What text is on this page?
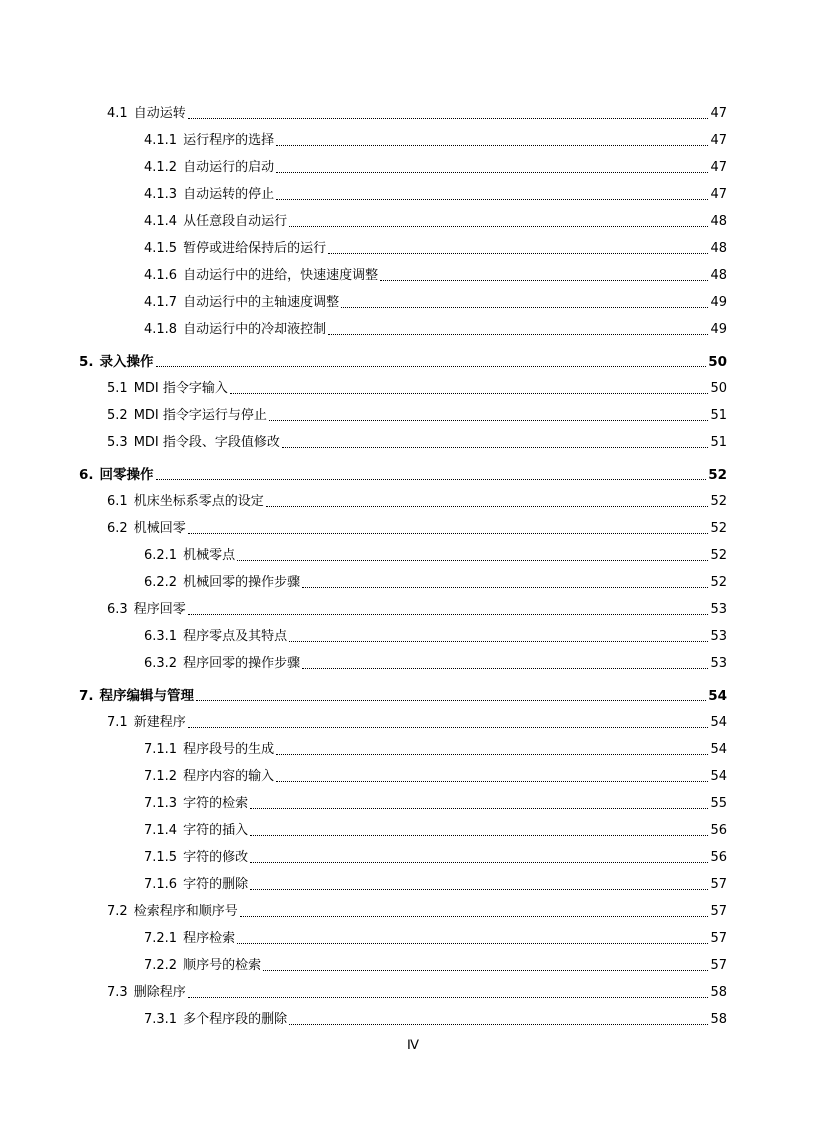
4.1 自动运转	47
4.1.1 运行程序的选择	47
4.1.2 自动运行的启动	47
4.1.3 自动运转的停止	47
4.1.4 从任意段自动运行	48
4.1.5 暂停或进给保持后的运行	48
4.1.6 自动运行中的进给，快速速度调整	48
4.1.7 自动运行中的主轴速度调整	49
4.1.8 自动运行中的冷却液控制	49
5. 录入操作	50
5.1 MDI 指令字输入	50
5.2 MDI 指令字运行与停止	51
5.3 MDI 指令段、字段值修改	51
6. 回零操作	52
6.1 机床坐标系零点的设定	52
6.2 机械回零	52
6.2.1 机械零点	52
6.2.2 机械回零的操作步骤	52
6.3 程序回零	53
6.3.1 程序零点及其特点	53
6.3.2 程序回零的操作步骤	53
7. 程序编辑与管理	54
7.1 新建程序	54
7.1.1 程序段号的生成	54
7.1.2 程序内容的输入	54
7.1.3 字符的检索	55
7.1.4 字符的插入	56
7.1.5 字符的修改	56
7.1.6 字符的删除	57
7.2 检索程序和顺序号	57
7.2.1 程序检索	57
7.2.2 顺序号的检索	57
7.3 删除程序	58
7.3.1 多个程序段的删除	58
Ⅳ
